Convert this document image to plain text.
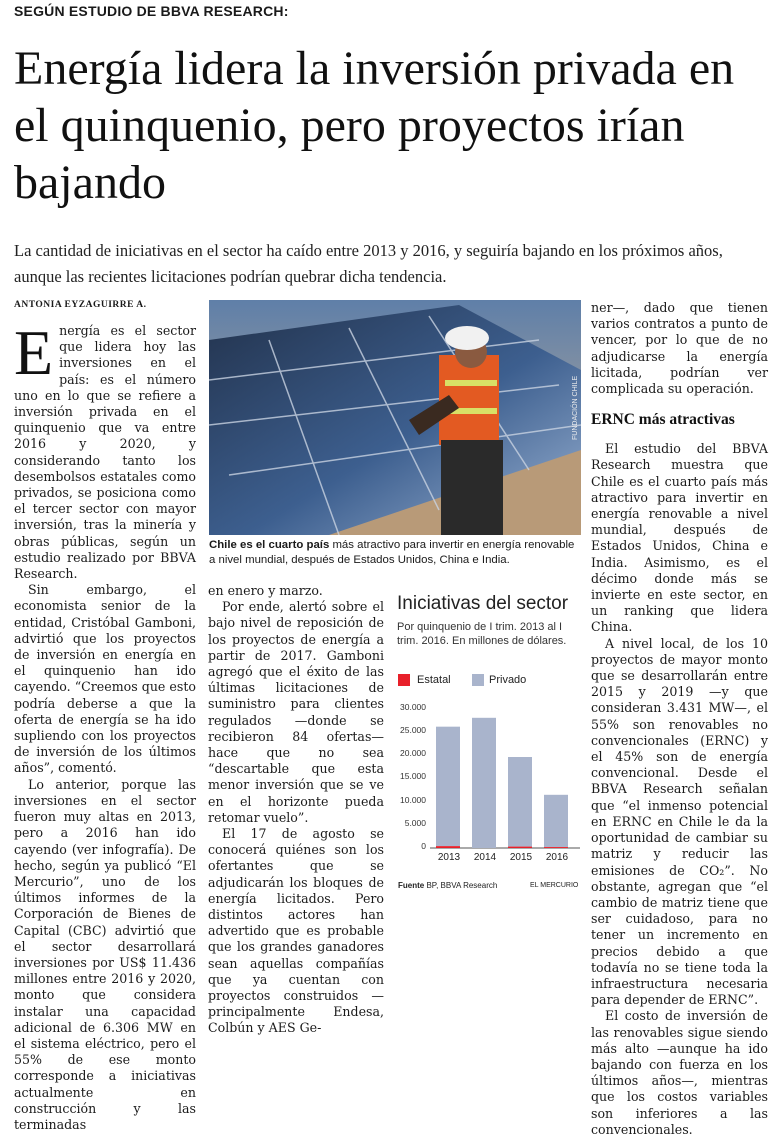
SEGÚN ESTUDIO DE BBVA RESEARCH:
Energía lidera la inversión privada en el quinquenio, pero proyectos irían bajando
La cantidad de iniciativas en el sector ha caído entre 2013 y 2016, y seguiría bajando en los próximos años, aunque las recientes licitaciones podrían quebrar dicha tendencia.
ANTONIA EYZAGUIRRE A.
E nergía es el sector que lidera hoy las inversiones en el país: es el número uno en lo que se refiere a inversión privada en el quinquenio que va entre 2016 y 2020, y considerando tanto los desembolsos estatales como privados, se posiciona como el tercer sector con mayor inversión, tras la minería y obras públicas, según un estudio realizado por BBVA Research.

Sin embargo, el economista senior de la entidad, Cristóbal Gamboni, advirtió que los proyectos de inversión en energía en el quinquenio han ido cayendo. “Creemos que esto podría deberse a que la oferta de energía se ha ido supliendo con los proyectos de inversión de los últimos años”, comentó.

Lo anterior, porque las inversiones en el sector fueron muy altas en 2013, pero a 2016 han ido cayendo (ver infografía). De hecho, según ya publicó “El Mercurio”, uno de los últimos informes de la Corporación de Bienes de Capital (CBC) advirtió que el sector desarrollará inversiones por US$ 11.436 millones entre 2016 y 2020, monto que considera instalar una capacidad adicional de 6.306 MW en el sistema eléctrico, pero el 55% de ese monto corresponde a iniciativas actualmente en construcción y las terminadas

FUNDACIÓN CHILE
Chile es el cuarto país más atractivo para invertir en energía renovable a nivel mundial, después de Estados Unidos, China e India.

en enero y marzo.

Por ende, alertó sobre el bajo nivel de reposición de los proyectos de energía a partir de 2017. Gamboni agregó que el éxito de las últimas licitaciones de suministro para clientes regulados —donde se recibieron 84 ofertas— hace que no sea “descartable que esta menor inversión que se ve en el horizonte pueda retomar vuelo”.

El 17 de agosto se conocerá quiénes son los ofertantes que se adjudicarán los bloques de energía licitados. Pero distintos actores han advertido que es probable que los grandes ganadores sean aquellas compañías que ya cuentan con proyectos construidos —principalmente Endesa, Colbún y AES Ge-

Iniciativas del sector
Por quinquenio de I trim. 2013 al I trim. 2016. En millones de dólares.
Estatal	Privado
30.000
25.000
20.000
15.000
10.000
5.000
0
2013	2014	2015	2016
Fuente BP, BBVA Research	EL MERCURIO

ner—, dado que tienen varios contratos a punto de vencer, por lo que de no adjudicarse la energía licitada, podrían ver complicada su operación.

ERNC más atractivas

El estudio del BBVA Research muestra que Chile es el cuarto país más atractivo para invertir en energía renovable a nivel mundial, después de Estados Unidos, China e India. Asimismo, es el décimo donde más se invierte en este sector, en un ranking que lidera China.

A nivel local, de los 10 proyectos de mayor monto que se desarrollarán entre 2015 y 2019 —y que consideran 3.431 MW—, el 55% son renovables no convencionales (ERNC) y el 45% son de energía convencional. Desde el BBVA Research señalan que “el inmenso potencial en ERNC en Chile le da la oportunidad de cambiar su matriz y reducir las emisiones de CO₂”. No obstante, agregan que “el cambio de matriz tiene que ser cuidadoso, para no tener un incremento en precios debido a que todavía no se tiene toda la infraestructura necesaria para depender de ERNC”.

El costo de inversión de las renovables sigue siendo más alto —aunque ha ido bajando con fuerza en los últimos años—, mientras que los costos variables son inferiores a las convencionales.
